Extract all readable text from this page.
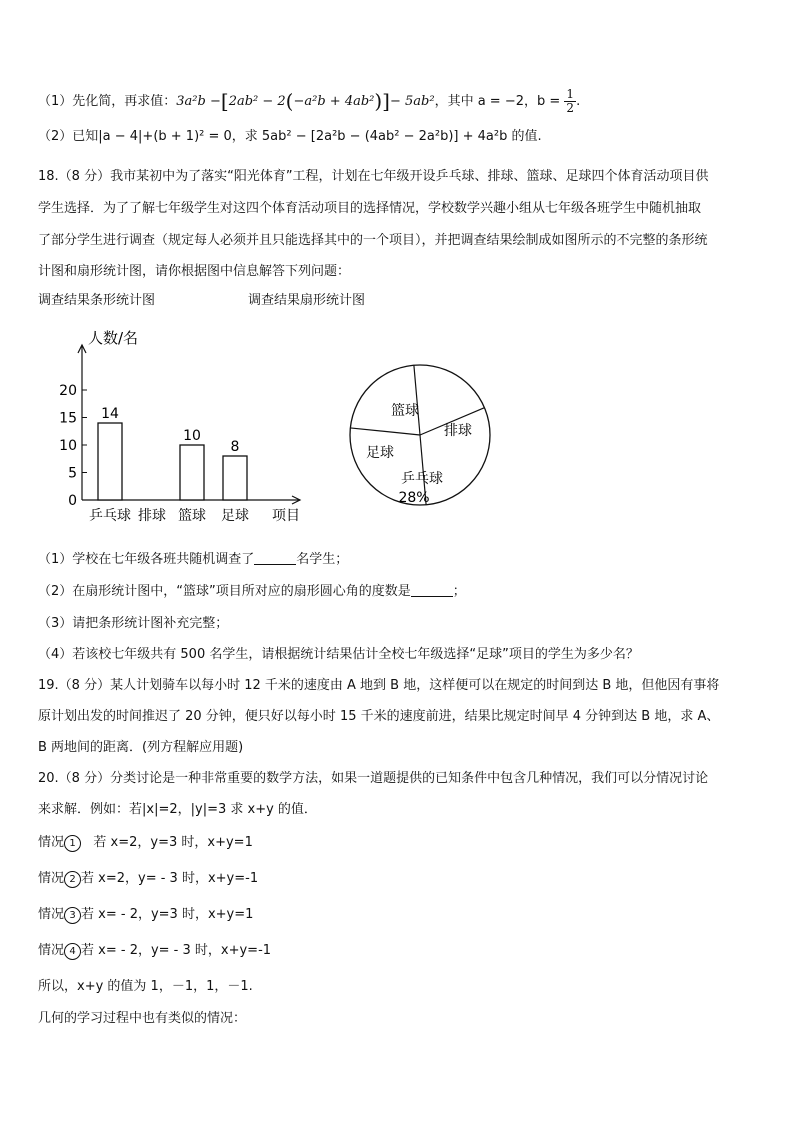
（1）先化简，再求值：3a²b −[2ab² − 2(−a²b + 4ab²)]− 5ab²，其中 a = −2，$b = \frac{1}{2}$ .
（2）已知|a − 4|+(b + 1)² = 0，求 5ab² − [2a²b − (4ab² − 2a²b)] + 4a²b 的值.
18.（8 分）我市某初中为了落实“阳光体育”工程，计划在七年级开设乒乓球、排球、篮球、足球四个体育活动项目供
学生选择．为了了解七年级学生对这四个体育活动项目的选择情况，学校数学兴趣小组从七年级各班学生中随机抽取
了部分学生进行调查（规定每人必须并且只能选择其中的一个项目），并把调查结果绘制成如图所示的不完整的条形统
计图和扇形统计图，请你根据图中信息解答下列问题：
调查结果条形统计图	调查结果扇形统计图
人数/名
项目
0
5
10
15
20
乒乓球
14
排球 篮球
10
足球
8
篮球
排球
乒乓球
28%
足球
（1）学校在七年级各班共随机调查了	名学生；
（2）在扇形统计图中，“篮球”项目所对应的扇形圆心角的度数是	；
（3）请把条形统计图补充完整；
（4）若该校七年级共有 500 名学生，请根据统计结果估计全校七年级选择“足球”项目的学生为多少名？
19.（8 分）某人计划骑车以每小时 12 千米的速度由 A 地到 B 地，这样便可以在规定的时间到达 B 地，但他因有事将
原计划出发的时间推迟了 20 分钟，便只好以每小时 15 千米的速度前进，结果比规定时间早 4 分钟到达 B 地，求 A、
B 两地间的距离．(列方程解应用题)
20.（8 分）分类讨论是一种非常重要的数学方法，如果一道题提供的已知条件中包含几种情况，我们可以分情况讨论
来求解．例如：若|x|=2，|y|=3 求 x+y 的值．
情况 1 若 x=2，y=3 时，x+y=1
情况 2 若 x=2，y= - 3 时，x+y=-1
情况 3 若 x= - 2，y=3 时，x+y=1
情况 4 若 x= - 2，y= - 3 时，x+y=-1
所以，x+y 的值为 1，－1，1，－1.
几何的学习过程中也有类似的情况：
